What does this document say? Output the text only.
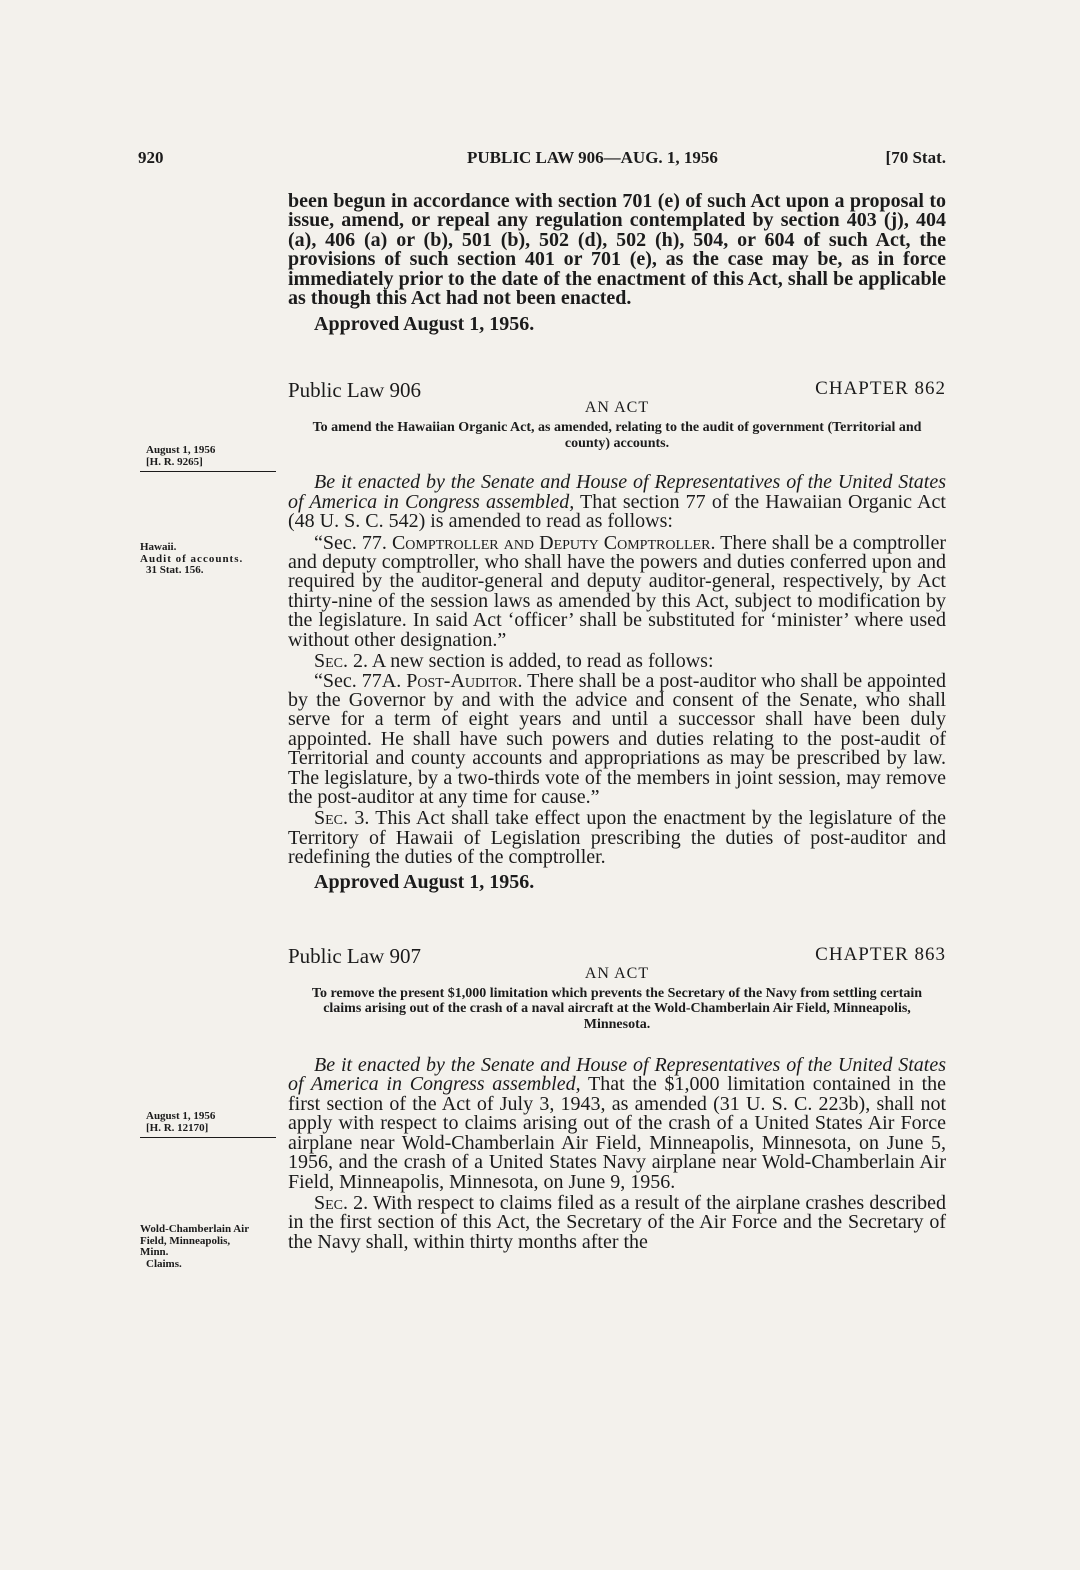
920	PUBLIC LAW 906—AUG. 1, 1956	[70 Stat.
August 1, 1956
[H. R. 9265]
Hawaii.
Audit of accounts.
31 Stat. 156.
August 1, 1956
[H. R. 12170]
Wold-Chamberlain Air Field, Minneapolis, Minn.
Claims.

been begun in accordance with section 701 (e) of such Act upon a proposal to issue, amend, or repeal any regulation contemplated by section 403 (j), 404 (a), 406 (a) or (b), 501 (b), 502 (d), 502 (h), 504, or 604 of such Act, the provisions of such section 401 or 701 (e), as the case may be, as in force immediately prior to the date of the enactment of this Act, shall be applicable as though this Act had not been enacted.

Approved August 1, 1956.
Public Law 906	CHAPTER 862
AN ACT
To amend the Hawaiian Organic Act, as amended, relating to the audit of government (Territorial and county) accounts.

Be it enacted by the Senate and House of Representatives of the United States of America in Congress assembled, That section 77 of the Hawaiian Organic Act (48 U. S. C. 542) is amended to read as follows:

“Sec. 77. Comptroller and Deputy Comptroller. There shall be a comptroller and deputy comptroller, who shall have the powers and duties conferred upon and required by the auditor-general and deputy auditor-general, respectively, by Act thirty-nine of the session laws as amended by this Act, subject to modification by the legislature. In said Act ‘officer’ shall be substituted for ‘minister’ where used without other designation.”

Sec. 2. A new section is added, to read as follows:

“Sec. 77A. Post-Auditor. There shall be a post-auditor who shall be appointed by the Governor by and with the advice and consent of the Senate, who shall serve for a term of eight years and until a successor shall have been duly appointed. He shall have such powers and duties relating to the post-audit of Territorial and county accounts and appropriations as may be prescribed by law. The legislature, by a two-thirds vote of the members in joint session, may remove the post-auditor at any time for cause.”

Sec. 3. This Act shall take effect upon the enactment by the legislature of the Territory of Hawaii of Legislation prescribing the duties of post-auditor and redefining the duties of the comptroller.

Approved August 1, 1956.
Public Law 907	CHAPTER 863
AN ACT
To remove the present $1,000 limitation which prevents the Secretary of the Navy from settling certain claims arising out of the crash of a naval aircraft at the Wold-Chamberlain Air Field, Minneapolis, Minnesota.

Be it enacted by the Senate and House of Representatives of the United States of America in Congress assembled, That the $1,000 limitation contained in the first section of the Act of July 3, 1943, as amended (31 U. S. C. 223b), shall not apply with respect to claims arising out of the crash of a United States Air Force airplane near Wold-Chamberlain Air Field, Minneapolis, Minnesota, on June 5, 1956, and the crash of a United States Navy airplane near Wold-Chamberlain Air Field, Minneapolis, Minnesota, on June 9, 1956.

Sec. 2. With respect to claims filed as a result of the airplane crashes described in the first section of this Act, the Secretary of the Air Force and the Secretary of the Navy shall, within thirty months after the
